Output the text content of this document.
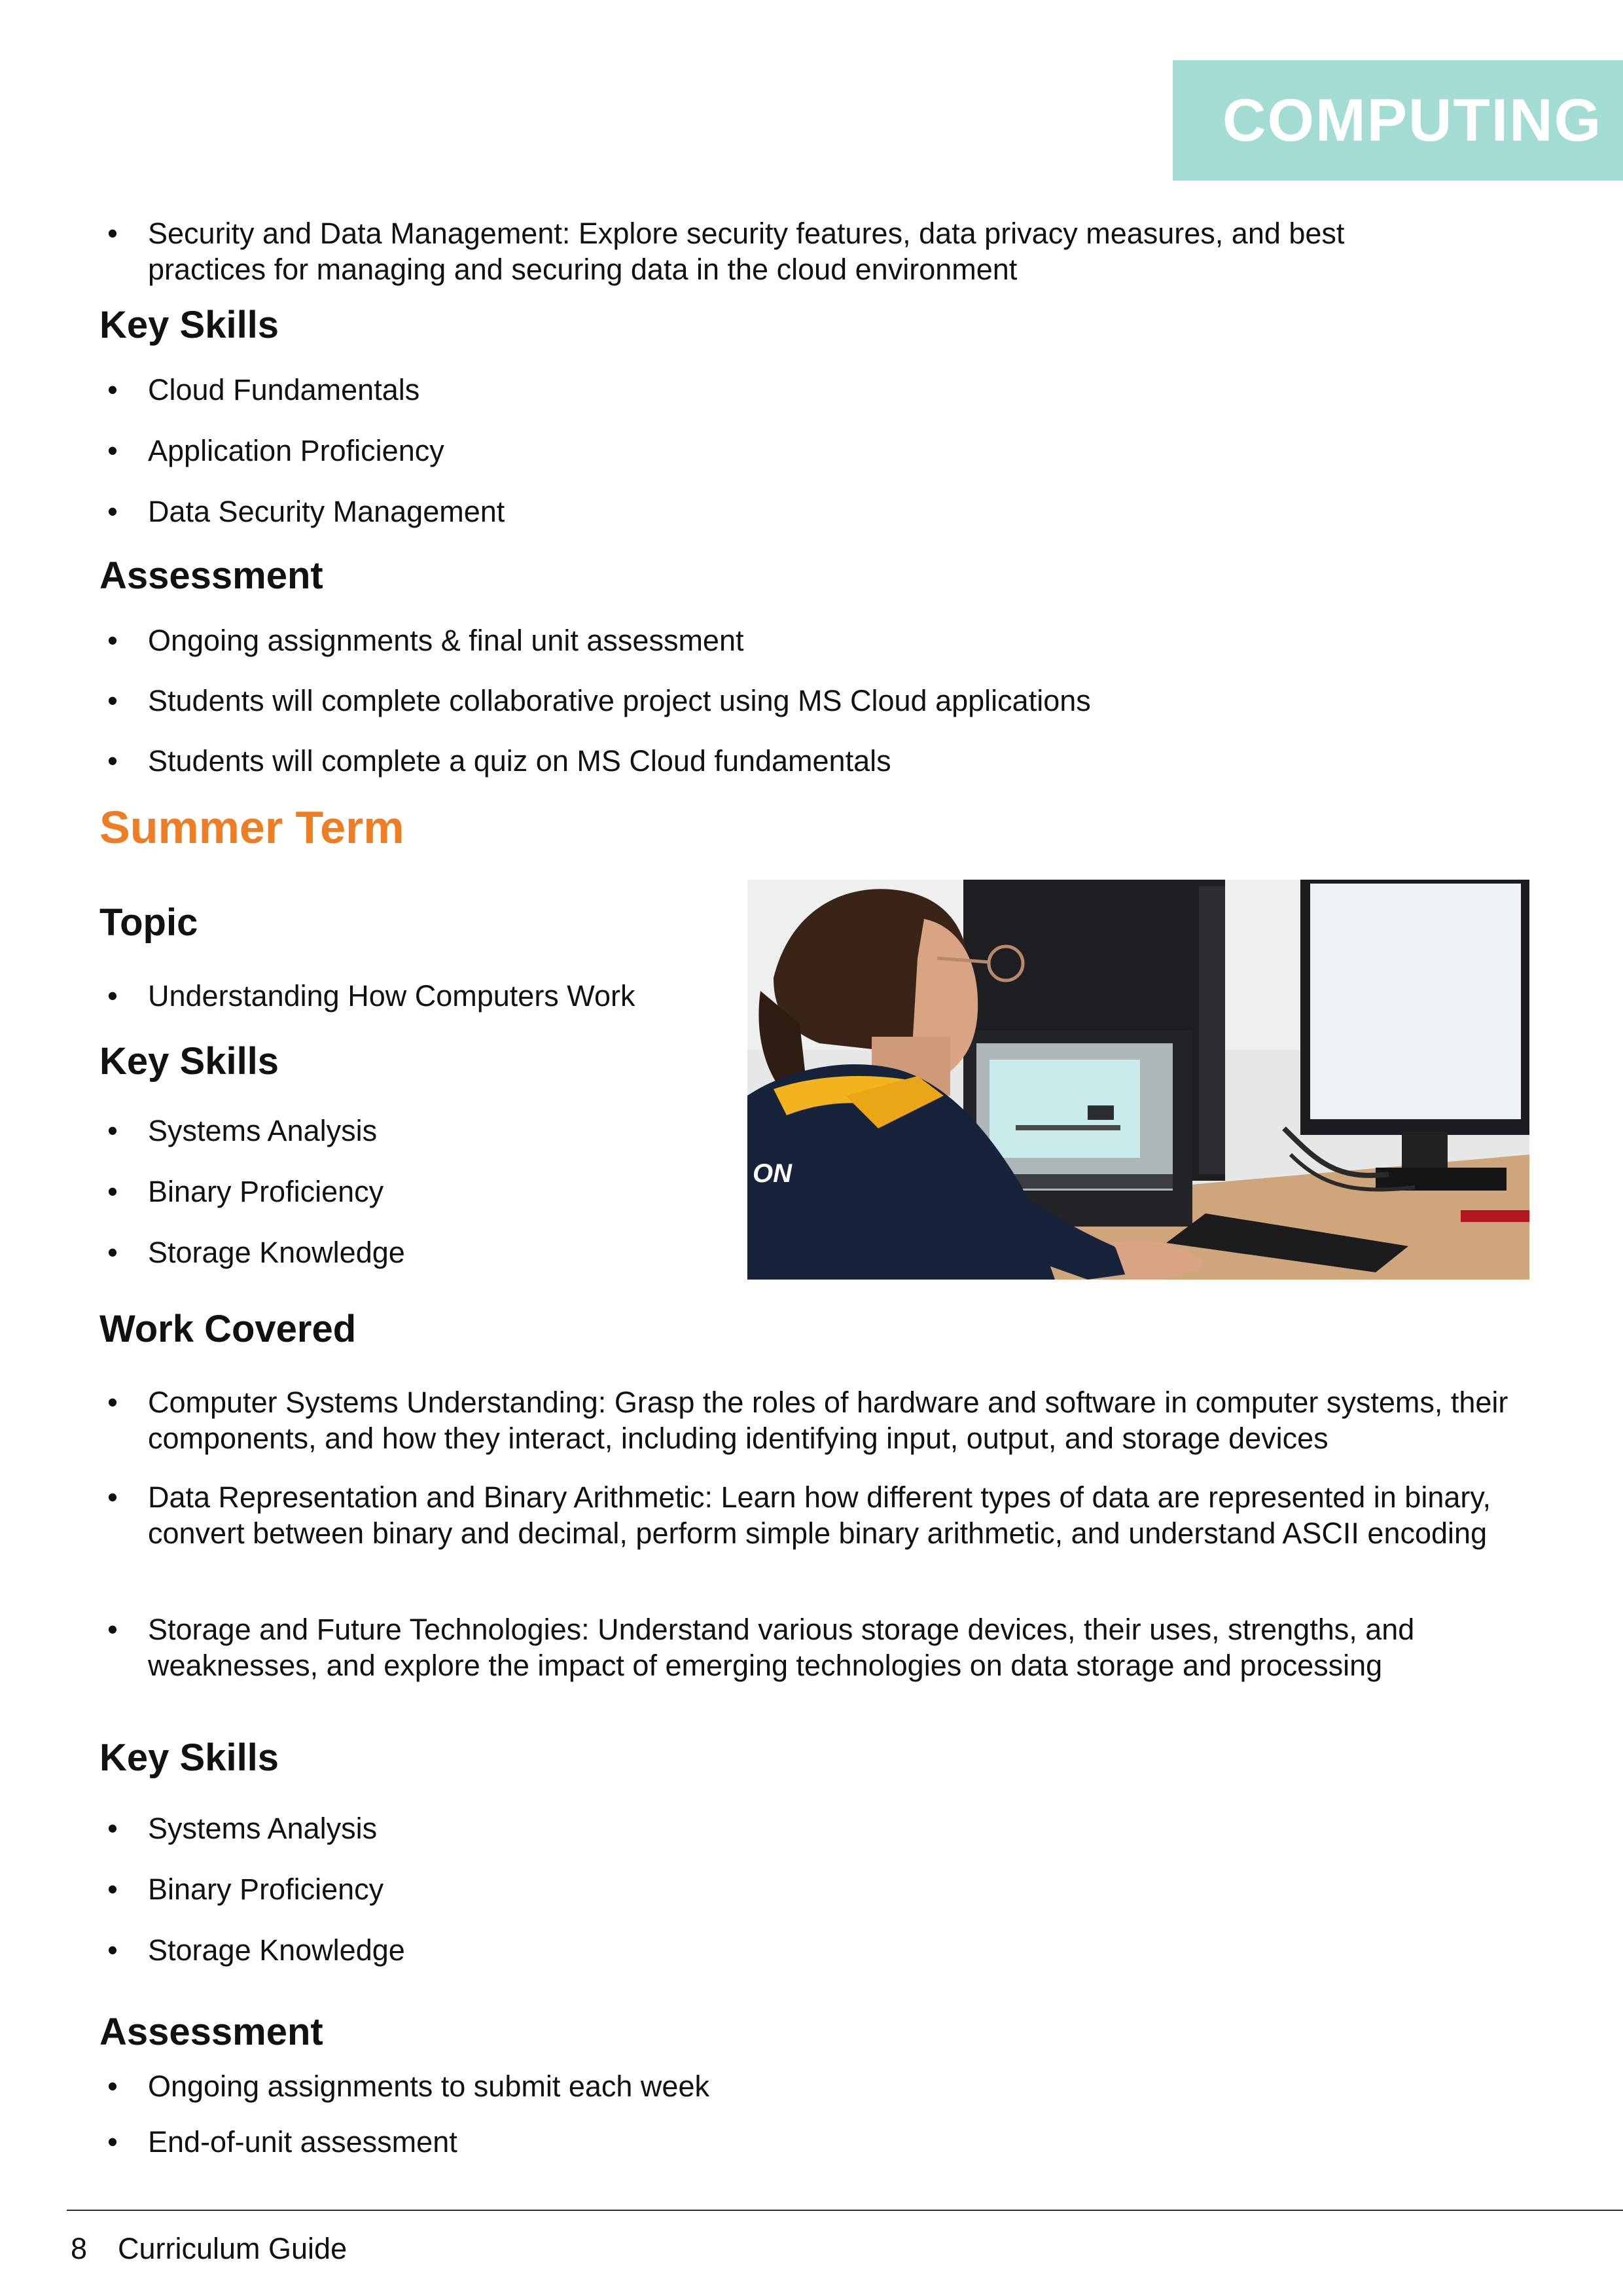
COMPUTING
• Security and Data Management: Explore security features, data privacy measures, and best practices for managing and securing data in the cloud environment
Key Skills
• Cloud Fundamentals
• Application Proficiency
• Data Security Management
Assessment
• Ongoing assignments & final unit assessment
• Students will complete collaborative project using MS Cloud applications
• Students will complete a quiz on MS Cloud fundamentals
Summer Term
Topic
• Understanding How Computers Work
Key Skills
• Systems Analysis
• Binary Proficiency
• Storage Knowledge
ON
Work Covered
• Computer Systems Understanding: Grasp the roles of hardware and software in computer systems, their components, and how they interact, including identifying input, output, and storage devices
• Data Representation and Binary Arithmetic: Learn how different types of data are represented in binary, convert between binary and decimal, perform simple binary arithmetic, and understand ASCII encoding
• Storage and Future Technologies: Understand various storage devices, their uses, strengths, and weaknesses, and explore the impact of emerging technologies on data storage and processing
Key Skills
• Systems Analysis
• Binary Proficiency
• Storage Knowledge
Assessment
• Ongoing assignments to submit each week
• End-of-unit assessment
8 Curriculum Guide
